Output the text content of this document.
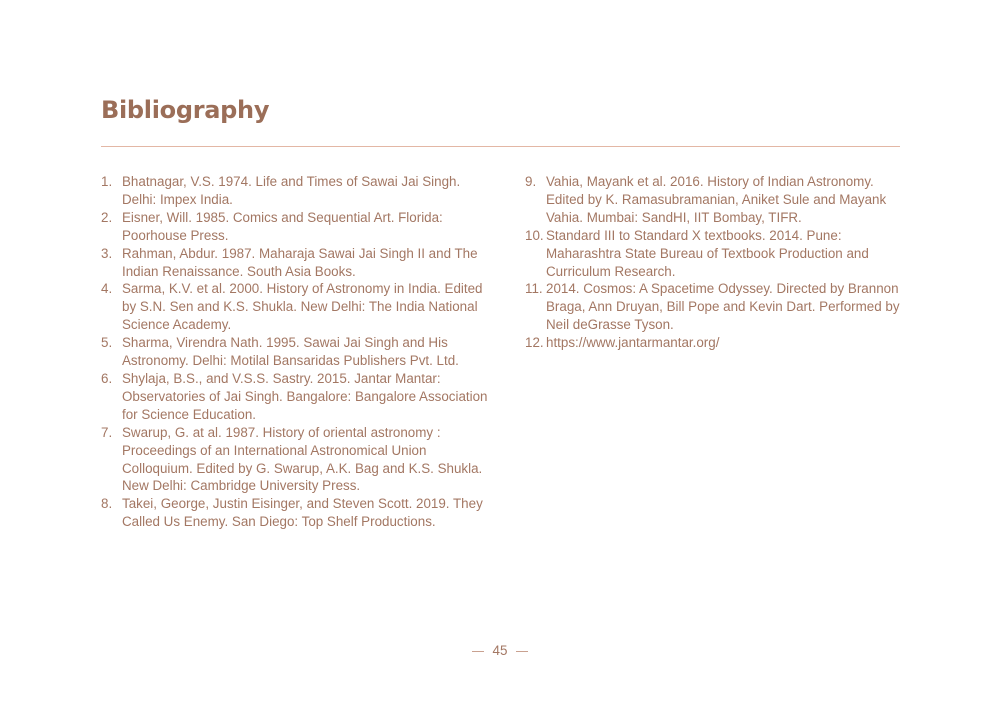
Bibliography
1. Bhatnagar, V.S. 1974. Life and Times of Sawai Jai Singh. Delhi: Impex India.
2. Eisner, Will. 1985. Comics and Sequential Art. Florida: Poorhouse Press.
3. Rahman, Abdur. 1987. Maharaja Sawai Jai Singh II and The Indian Renaissance. South Asia Books.
4. Sarma, K.V. et al. 2000. History of Astronomy in India. Edited by S.N. Sen and K.S. Shukla. New Delhi: The India National Science Academy.
5. Sharma, Virendra Nath. 1995. Sawai Jai Singh and His Astronomy. Delhi: Motilal Bansaridas Publishers Pvt. Ltd.
6. Shylaja, B.S., and V.S.S. Sastry. 2015. Jantar Mantar: Observatories of Jai Singh. Bangalore: Bangalore Association for Science Education.
7. Swarup, G. at al. 1987. History of oriental astronomy : Proceedings of an International Astronomical Union Colloquium. Edited by G. Swarup, A.K. Bag and K.S. Shukla. New Delhi: Cambridge University Press.
8. Takei, George, Justin Eisinger, and Steven Scott. 2019. They Called Us Enemy. San Diego: Top Shelf Productions.
9. Vahia, Mayank et al. 2016. History of Indian Astronomy. Edited by K. Ramasubramanian, Aniket Sule and Mayank Vahia. Mumbai: SandHI, IIT Bombay, TIFR.
10. Standard III to Standard X textbooks. 2014. Pune: Maharashtra State Bureau of Textbook Production and Curriculum Research.
11. 2014. Cosmos: A Spacetime Odyssey. Directed by Brannon Braga, Ann Druyan, Bill Pope and Kevin Dart. Performed by Neil deGrasse Tyson.
12. https://www.jantarmantar.org/
45
